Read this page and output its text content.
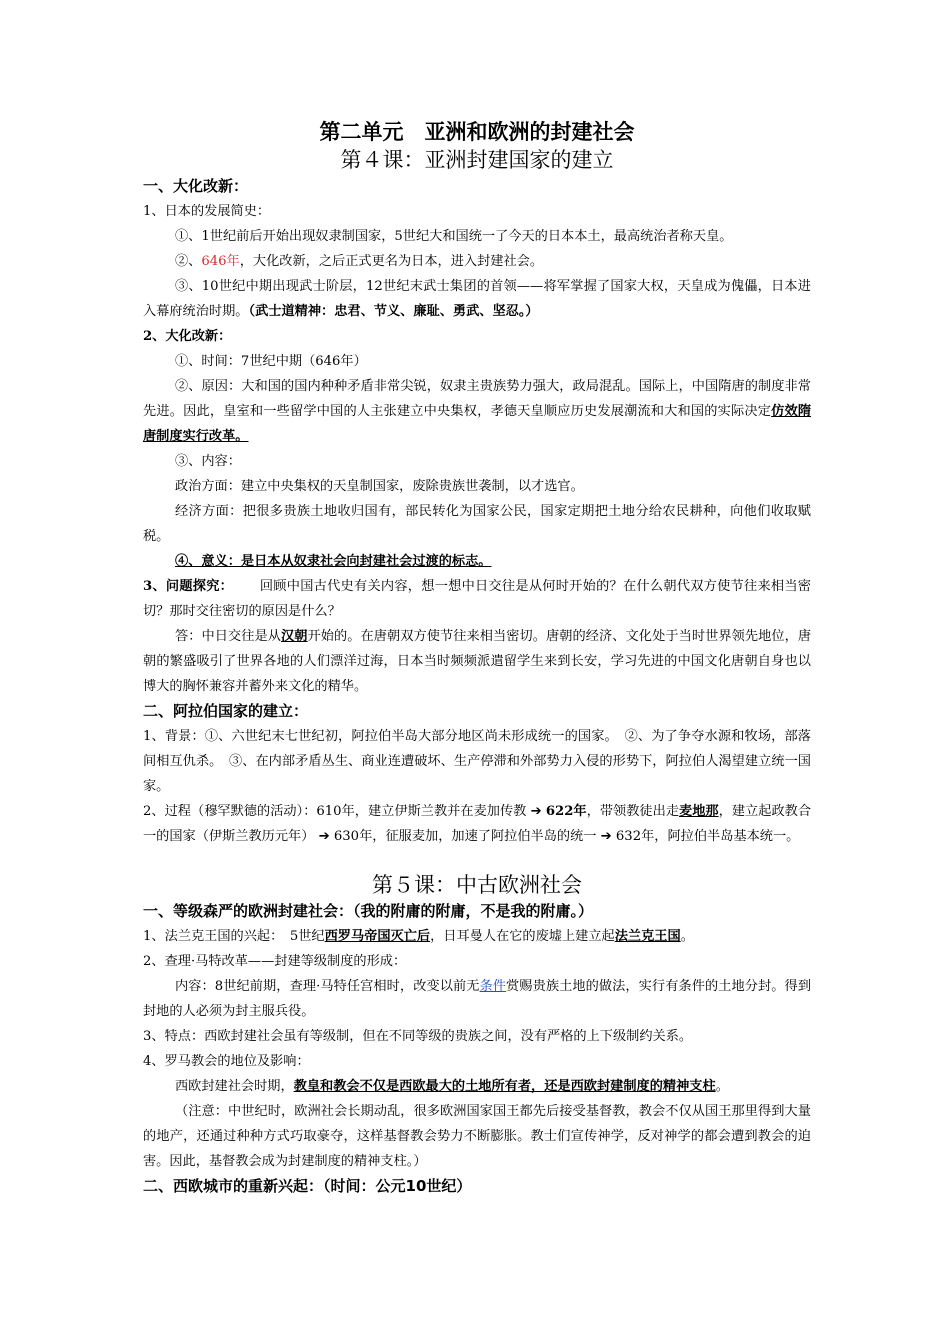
第二单元　亚洲和欧洲的封建社会
第４课：亚洲封建国家的建立
一、大化改新：
1、日本的发展简史：
①、1世纪前后开始出现奴隶制国家，5世纪大和国统一了今天的日本本土，最高统治者称天皇。
②、646年，大化改新，之后正式更名为日本，进入封建社会。
③、10世纪中期出现武士阶层，12世纪末武士集团的首领——将军掌握了国家大权，天皇成为傀儡，日本进入幕府统治时期。（武士道精神：忠君、节义、廉耻、勇武、坚忍。）
2、大化改新：
①、时间：7世纪中期（646年）
②、原因：大和国的国内种种矛盾非常尖锐，奴隶主贵族势力强大，政局混乱。国际上，中国隋唐的制度非常先进。因此，皇室和一些留学中国的人主张建立中央集权，孝德天皇顺应历史发展潮流和大和国的实际决定仿效隋唐制度实行改革。
③、内容：
政治方面：建立中央集权的天皇制国家，废除贵族世袭制，以才选官。
经济方面：把很多贵族土地收归国有，部民转化为国家公民，国家定期把土地分给农民耕种，向他们收取赋税。
④、意义：是日本从奴隶社会向封建社会过渡的标志。
3、问题探究： 回顾中国古代史有关内容，想一想中日交往是从何时开始的？在什么朝代双方使节往来相当密切？那时交往密切的原因是什么？
答：中日交往是从汉朝开始的。在唐朝双方使节往来相当密切。唐朝的经济、文化处于当时世界领先地位，唐朝的繁盛吸引了世界各地的人们漂洋过海，日本当时频频派遣留学生来到长安，学习先进的中国文化唐朝自身也以博大的胸怀兼容并蓄外来文化的精华。
二、阿拉伯国家的建立：
1、背景：①、六世纪末七世纪初，阿拉伯半岛大部分地区尚未形成统一的国家。　②、为了争夺水源和牧场，部落间相互仇杀。　③、在内部矛盾丛生、商业连遭破坏、生产停滞和外部势力入侵的形势下，阿拉伯人渴望建立统一国家。
2、过程（穆罕默德的活动）：610年，建立伊斯兰教并在麦加传教 ➔ 622年，带领教徒出走麦地那，建立起政教合一的国家（伊斯兰教历元年） ➔ 630年，征服麦加，加速了阿拉伯半岛的统一 ➔ 632年，阿拉伯半岛基本统一。
第５课：中古欧洲社会
一、等级森严的欧洲封建社会：（我的附庸的附庸，不是我的附庸。）
1、法兰克王国的兴起：　5世纪西罗马帝国灭亡后，日耳曼人在它的废墟上建立起法兰克王国。
2、查理·马特改革——封建等级制度的形成：
内容：8世纪前期，查理·马特任宫相时，改变以前无条件赏赐贵族土地的做法，实行有条件的土地分封。得到封地的人必须为封主服兵役。
3、特点：西欧封建社会虽有等级制，但在不同等级的贵族之间，没有严格的上下级制约关系。
4、罗马教会的地位及影响：
西欧封建社会时期，教皇和教会不仅是西欧最大的土地所有者，还是西欧封建制度的精神支柱。
（注意：中世纪时，欧洲社会长期动乱，很多欧洲国家国王都先后接受基督教，教会不仅从国王那里得到大量的地产，还通过种种方式巧取豪夺，这样基督教会势力不断膨胀。教士们宣传神学，反对神学的都会遭到教会的迫害。因此，基督教会成为封建制度的精神支柱。）
二、西欧城市的重新兴起：（时间：公元10世纪）
